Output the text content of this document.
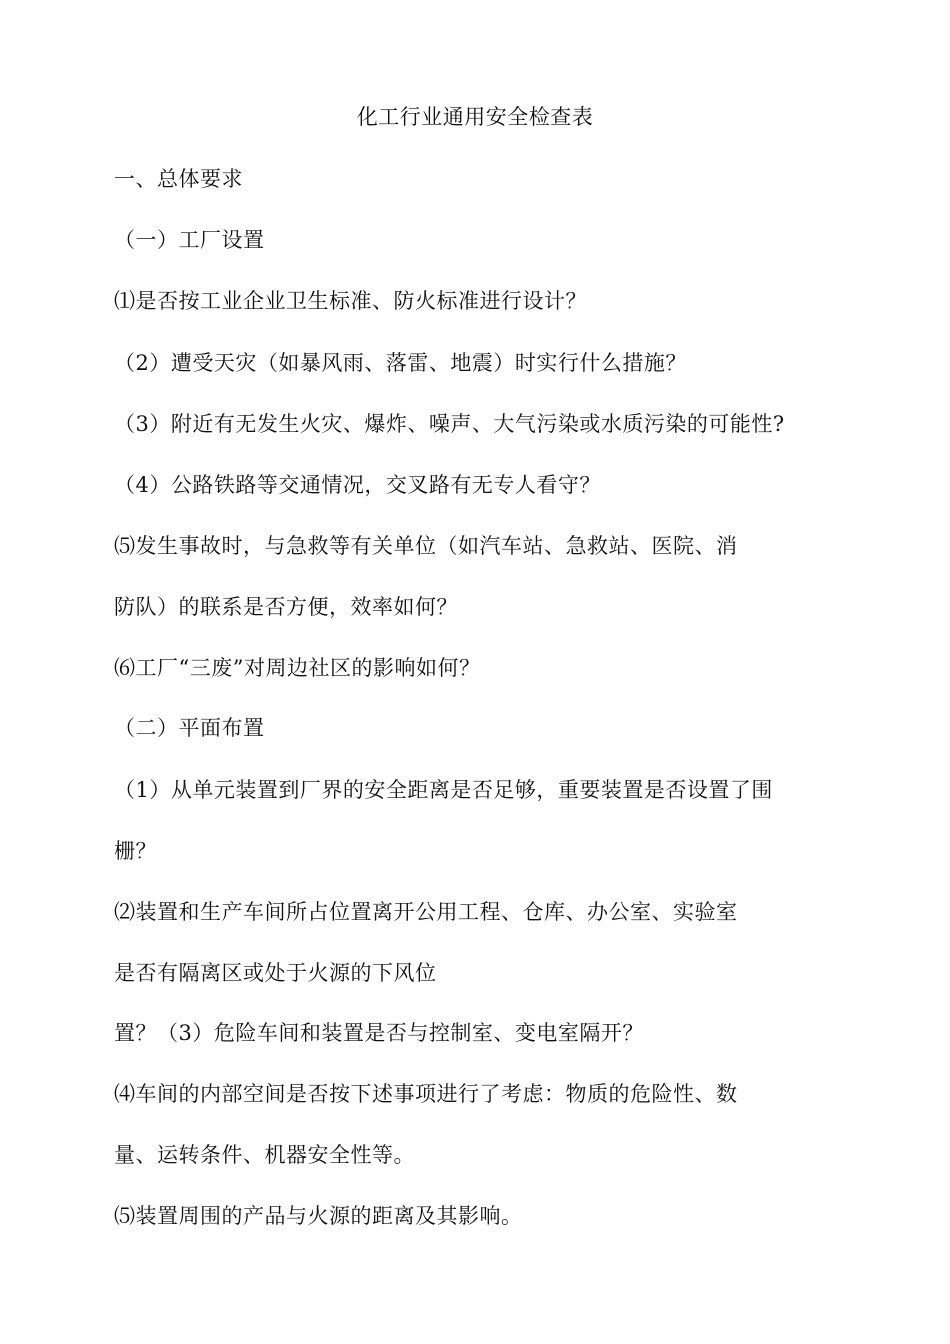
化工行业通用安全检查表
一、总体要求
（一）工厂设置
⑴是否按工业企业卫生标准、防火标准进行设计？
（2）遭受天灾（如暴风雨、落雷、地震）时实行什么措施？
（3）附近有无发生火灾、爆炸、噪声、大气污染或水质污染的可能性?
（4）公路铁路等交通情况，交叉路有无专人看守？
⑸发生事故时，与急救等有关单位（如汽车站、急救站、医院、消
防队）的联系是否方便，效率如何？
⑹工厂“三废”对周边社区的影响如何？
（二）平面布置
（1）从单元装置到厂界的安全距离是否足够，重要装置是否设置了围
栅？
⑵装置和生产车间所占位置离开公用工程、仓库、办公室、实验室
是否有隔离区或处于火源的下风位
置？（3）危险车间和装置是否与控制室、变电室隔开？
⑷车间的内部空间是否按下述事项进行了考虑：物质的危险性、数
量、运转条件、机器安全性等。
⑸装置周围的产品与火源的距离及其影响。
